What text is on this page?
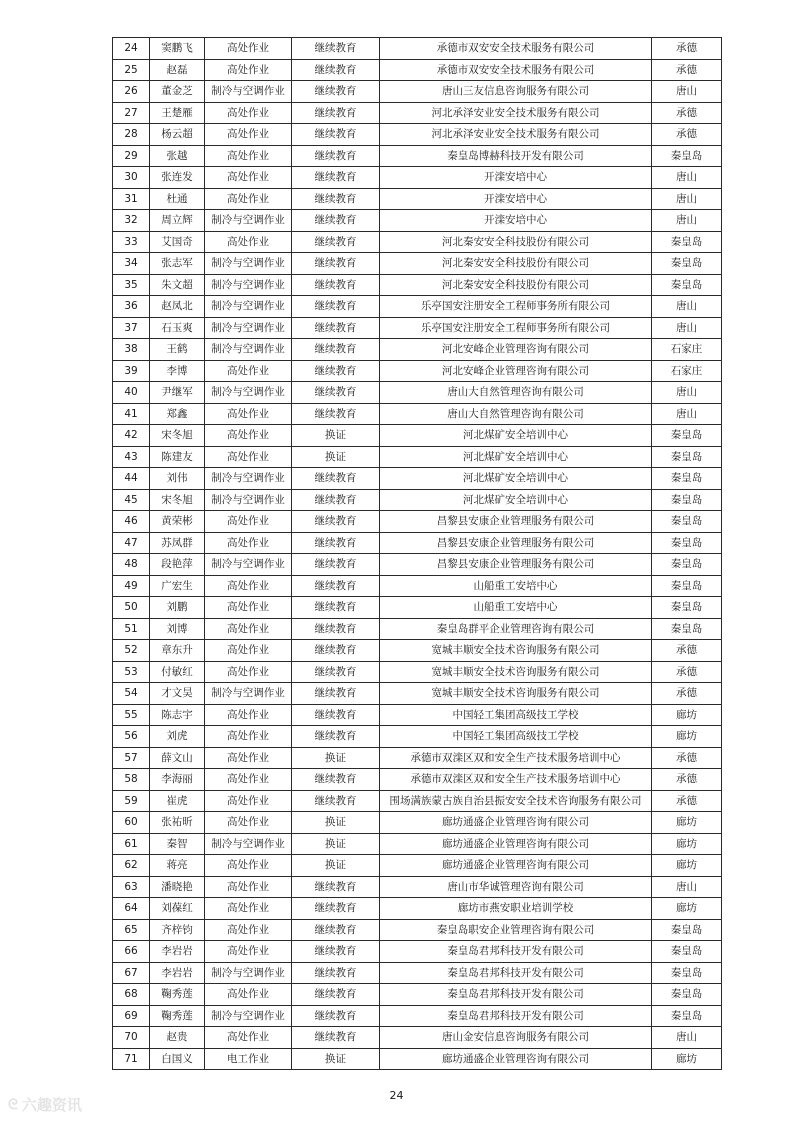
24	窦鹏飞	高处作业	继续教育	承德市双安安全技术服务有限公司	承德
25	赵磊	高处作业	继续教育	承德市双安安全技术服务有限公司	承德
26	董金芝	制冷与空调作业	继续教育	唐山三友信息咨询服务有限公司	唐山
27	王楚雁	高处作业	继续教育	河北承泽安业安全技术服务有限公司	承德
28	杨云超	高处作业	继续教育	河北承泽安业安全技术服务有限公司	承德
29	张越	高处作业	继续教育	秦皇岛博赫科技开发有限公司	秦皇岛
30	张连发	高处作业	继续教育	开滦安培中心	唐山
31	杜通	高处作业	继续教育	开滦安培中心	唐山
32	周立辉	制冷与空调作业	继续教育	开滦安培中心	唐山
33	艾国奇	高处作业	继续教育	河北秦安安全科技股份有限公司	秦皇岛
34	张志军	制冷与空调作业	继续教育	河北秦安安全科技股份有限公司	秦皇岛
35	朱文超	制冷与空调作业	继续教育	河北秦安安全科技股份有限公司	秦皇岛
36	赵凤北	制冷与空调作业	继续教育	乐亭国安注册安全工程师事务所有限公司	唐山
37	石玉爽	制冷与空调作业	继续教育	乐亭国安注册安全工程师事务所有限公司	唐山
38	王鹤	制冷与空调作业	继续教育	河北安峰企业管理咨询有限公司	石家庄
39	李博	高处作业	继续教育	河北安峰企业管理咨询有限公司	石家庄
40	尹继军	制冷与空调作业	继续教育	唐山大自然管理咨询有限公司	唐山
41	郑鑫	高处作业	继续教育	唐山大自然管理咨询有限公司	唐山
42	宋冬旭	高处作业	换证	河北煤矿安全培训中心	秦皇岛
43	陈建友	高处作业	换证	河北煤矿安全培训中心	秦皇岛
44	刘伟	制冷与空调作业	继续教育	河北煤矿安全培训中心	秦皇岛
45	宋冬旭	制冷与空调作业	继续教育	河北煤矿安全培训中心	秦皇岛
46	黄荣彬	高处作业	继续教育	昌黎县安康企业管理服务有限公司	秦皇岛
47	苏凤群	高处作业	继续教育	昌黎县安康企业管理服务有限公司	秦皇岛
48	段艳萍	制冷与空调作业	继续教育	昌黎县安康企业管理服务有限公司	秦皇岛
49	广宏生	高处作业	继续教育	山船重工安培中心	秦皇岛
50	刘鹏	高处作业	继续教育	山船重工安培中心	秦皇岛
51	刘博	高处作业	继续教育	秦皇岛群平企业管理咨询有限公司	秦皇岛
52	章东升	高处作业	继续教育	宽城丰顺安全技术咨询服务有限公司	承德
53	付敏红	高处作业	继续教育	宽城丰顺安全技术咨询服务有限公司	承德
54	才文昊	制冷与空调作业	继续教育	宽城丰顺安全技术咨询服务有限公司	承德
55	陈志宇	高处作业	继续教育	中国轻工集团高级技工学校	廊坊
56	刘虎	高处作业	继续教育	中国轻工集团高级技工学校	廊坊
57	薛文山	高处作业	换证	承德市双滦区双和安全生产技术服务培训中心	承德
58	李海丽	高处作业	继续教育	承德市双滦区双和安全生产技术服务培训中心	承德
59	崔虎	高处作业	继续教育	围场满族蒙古族自治县振安安全技术咨询服务有限公司	承德
60	张祐昕	高处作业	换证	廊坊通盛企业管理咨询有限公司	廊坊
61	秦智	制冷与空调作业	换证	廊坊通盛企业管理咨询有限公司	廊坊
62	蒋亮	高处作业	换证	廊坊通盛企业管理咨询有限公司	廊坊
63	潘晓艳	高处作业	继续教育	唐山市华诚管理咨询有限公司	唐山
64	刘葆红	高处作业	继续教育	廊坊市燕安职业培训学校	廊坊
65	齐梓钧	高处作业	继续教育	秦皇岛职安企业管理咨询有限公司	秦皇岛
66	李岩岩	高处作业	继续教育	秦皇岛君邦科技开发有限公司	秦皇岛
67	李岩岩	制冷与空调作业	继续教育	秦皇岛君邦科技开发有限公司	秦皇岛
68	鞠秀莲	高处作业	继续教育	秦皇岛君邦科技开发有限公司	秦皇岛
69	鞠秀莲	制冷与空调作业	继续教育	秦皇岛君邦科技开发有限公司	秦皇岛
70	赵贵	高处作业	继续教育	唐山金安信息咨询服务有限公司	唐山
71	白国义	电工作业	换证	廊坊通盛企业管理咨询有限公司	廊坊
24
ᘓ 六趣资讯
